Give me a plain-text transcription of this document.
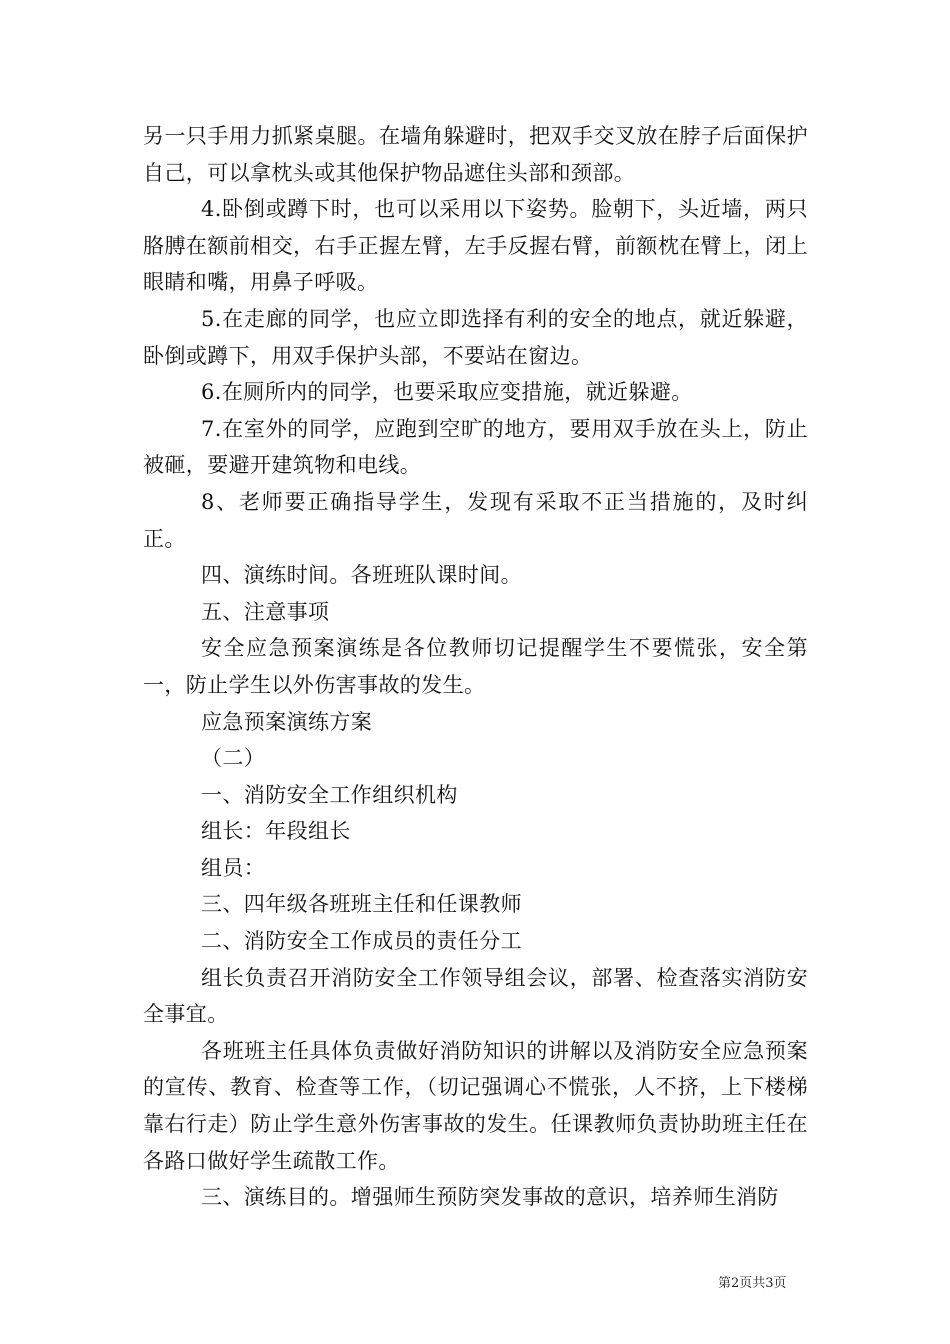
另一只手用力抓紧桌腿。在墙角躲避时，把双手交叉放在脖子后面保护自己，可以拿枕头或其他保护物品遮住头部和颈部。

4.卧倒或蹲下时，也可以采用以下姿势。脸朝下，头近墙，两只胳膊在额前相交，右手正握左臂，左手反握右臂，前额枕在臂上，闭上眼睛和嘴，用鼻子呼吸。

5.在走廊的同学，也应立即选择有利的安全的地点，就近躲避，卧倒或蹲下，用双手保护头部，不要站在窗边。

6.在厕所内的同学，也要采取应变措施，就近躲避。

7.在室外的同学，应跑到空旷的地方，要用双手放在头上，防止被砸，要避开建筑物和电线。

8、老师要正确指导学生，发现有采取不正当措施的，及时纠正。

四、演练时间。各班班队课时间。

五、注意事项

安全应急预案演练是各位教师切记提醒学生不要慌张，安全第一，防止学生以外伤害事故的发生。

应急预案演练方案

（二）

一、消防安全工作组织机构

组长：年段组长

组员：

三、四年级各班班主任和任课教师

二、消防安全工作成员的责任分工

组长负责召开消防安全工作领导组会议，部署、检查落实消防安全事宜。

各班班主任具体负责做好消防知识的讲解以及消防安全应急预案的宣传、教育、检查等工作，（切记强调心不慌张，人不挤，上下楼梯靠右行走）防止学生意外伤害事故的发生。任课教师负责协助班主任在各路口做好学生疏散工作。

三、演练目的。增强师生预防突发事故的意识，培养师生消防

第2页共3页
